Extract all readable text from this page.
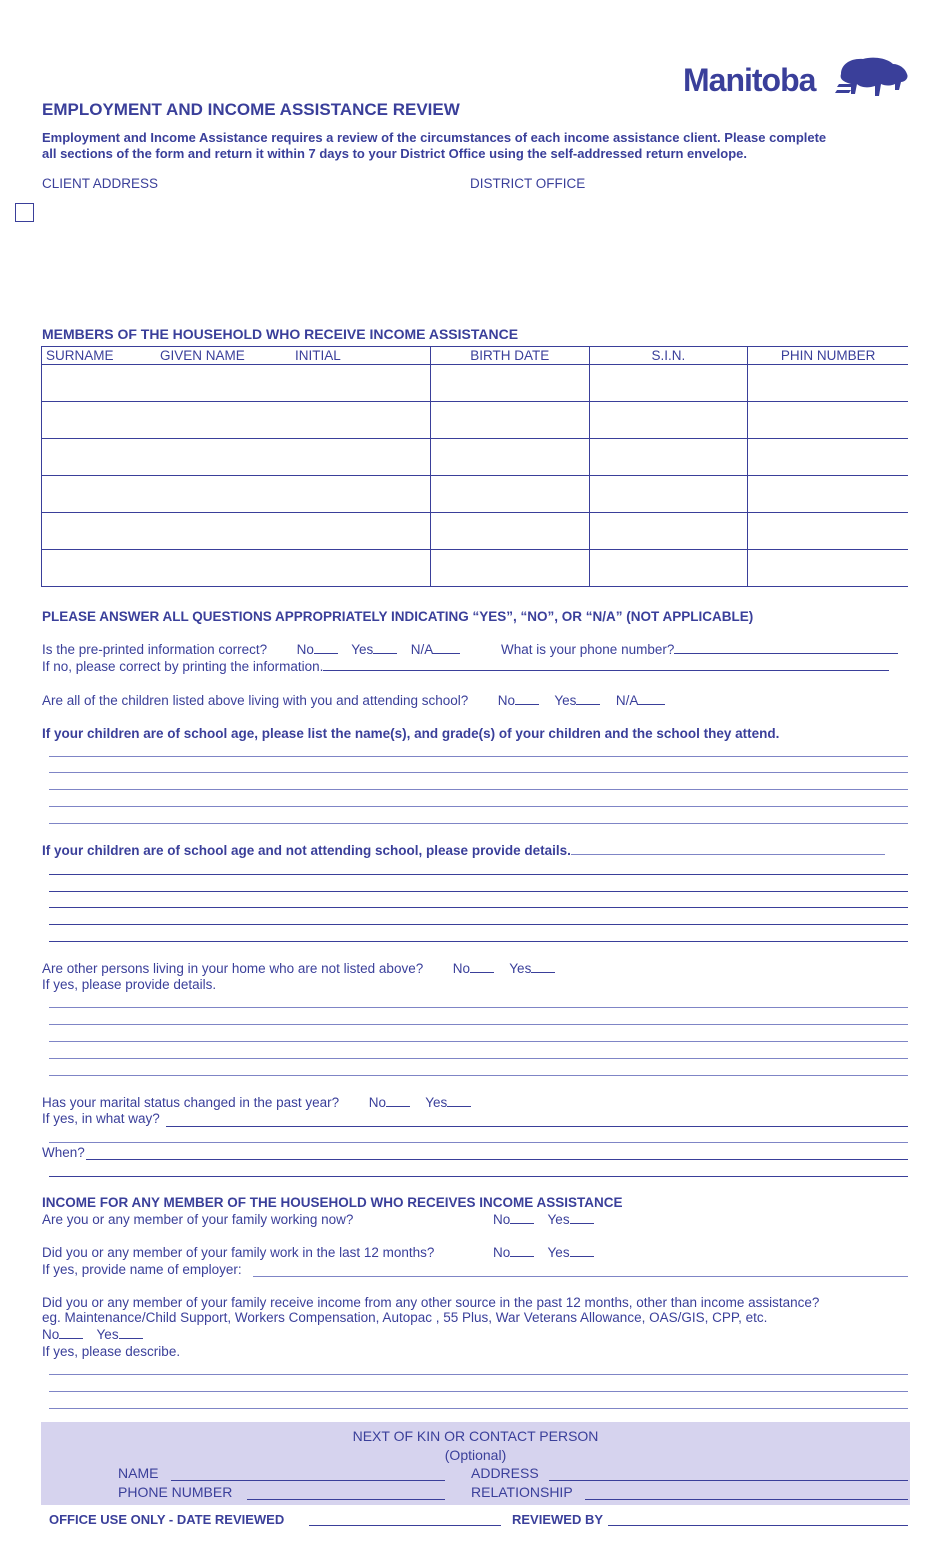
Manitoba
EMPLOYMENT AND INCOME ASSISTANCE REVIEW
Employment and Income Assistance requires a review of the circumstances of each income assistance client. Please complete
all sections of the form and return it within 7 days to your District Office using the self-addressed return envelope.
CLIENT ADDRESS	DISTRICT OFFICE
MEMBERS OF THE HOUSEHOLD WHO RECEIVE INCOME ASSISTANCE
SURNAME GIVEN NAME INITIAL	BIRTH DATE	S.I.N.	PHIN NUMBER

PLEASE ANSWER ALL QUESTIONS APPROPRIATELY INDICATING “YES”, “NO”, OR “N/A” (NOT APPLICABLE)
Is the pre-printed information correct? No	Yes	N/A	What is your phone number?
If no, please correct by printing the information.
Are all of the children listed above living with you and attending school? No	Yes	N/A
If your children are of school age, please list the name(s), and grade(s) of your children and the school they attend.
If your children are of school age and not attending school, please provide details.
Are other persons living in your home who are not listed above? No	Yes
If yes, please provide details.
Has your marital status changed in the past year? No	Yes
If yes, in what way?
When?
INCOME FOR ANY MEMBER OF THE HOUSEHOLD WHO RECEIVES INCOME ASSISTANCE
Are you or any member of your family working now?	No	Yes
Did you or any member of your family work in the last 12 months?	No	Yes
If yes, provide name of employer:
Did you or any member of your family receive income from any other source in the past 12 months, other than income assistance?
eg. Maintenance/Child Support, Workers Compensation, Autopac , 55 Plus, War Veterans Allowance, OAS/GIS, CPP, etc.
No	Yes
If yes, please describe.
NEXT OF KIN OR CONTACT PERSON
(Optional)
NAME	ADDRESS
PHONE NUMBER	RELATIONSHIP
OFFICE USE ONLY - DATE REVIEWED	REVIEWED BY
